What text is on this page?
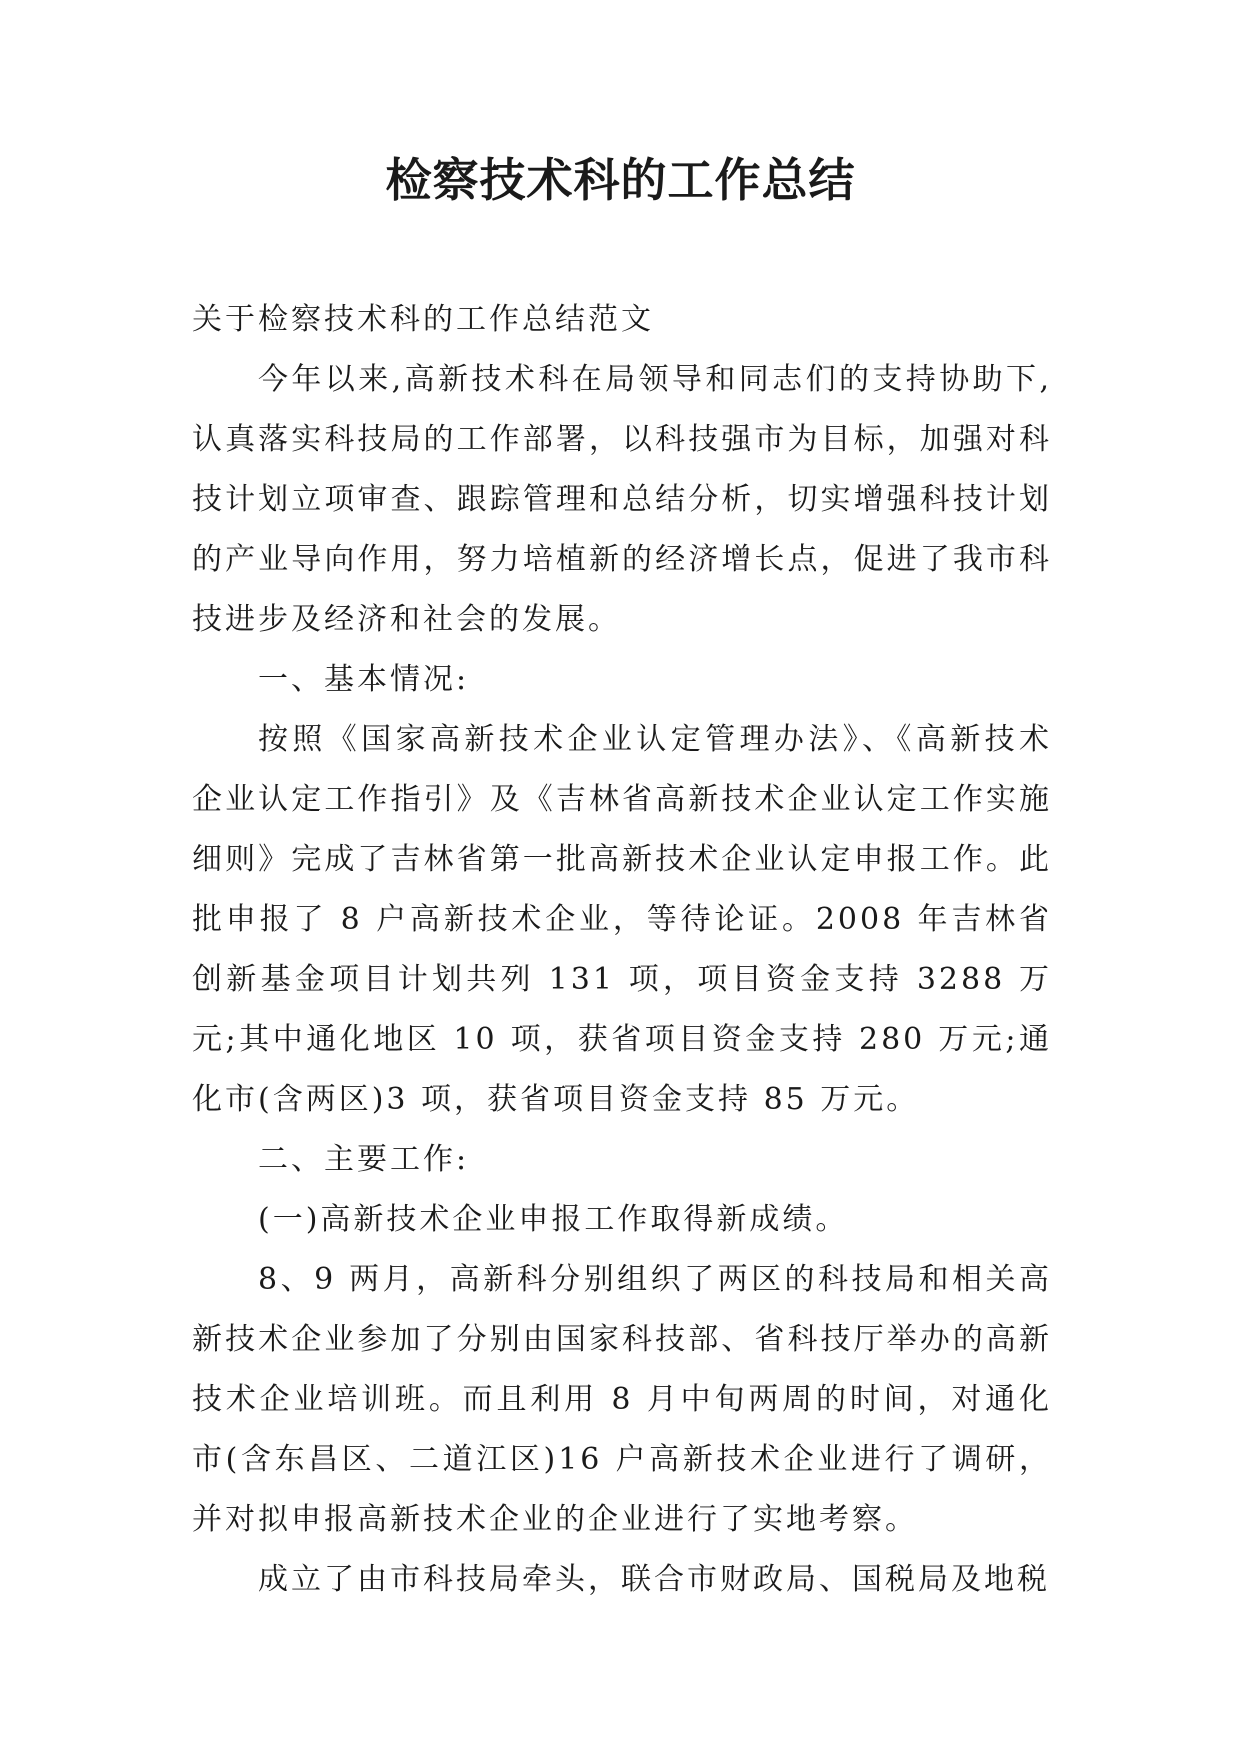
检察技术科的工作总结

关于检察技术科的工作总结范文

今年以来,高新技术科在局领导和同志们的支持协助下,认真落实科技局的工作部署，以科技强市为目标，加强对科技计划立项审查、跟踪管理和总结分析，切实增强科技计划的产业导向作用，努力培植新的经济增长点，促进了我市科技进步及经济和社会的发展。

一、基本情况:

按照《国家高新技术企业认定管理办法》、《高新技术企业认定工作指引》及《吉林省高新技术企业认定工作实施细则》完成了吉林省第一批高新技术企业认定申报工作。此批申报了 8 户高新技术企业，等待论证。2008 年吉林省创新基金项目计划共列 131 项，项目资金支持 3288 万元;其中通化地区 10 项，获省项目资金支持 280 万元;通化市(含两区)3 项，获省项目资金支持 85 万元。

二、主要工作:

(一)高新技术企业申报工作取得新成绩。

8、9 两月，高新科分别组织了两区的科技局和相关高新技术企业参加了分别由国家科技部、省科技厅举办的高新技术企业培训班。而且利用 8 月中旬两周的时间，对通化市(含东昌区、二道江区)16 户高新技术企业进行了调研，并对拟申报高新技术企业的企业进行了实地考察。

成立了由市科技局牵头，联合市财政局、国税局及地税
